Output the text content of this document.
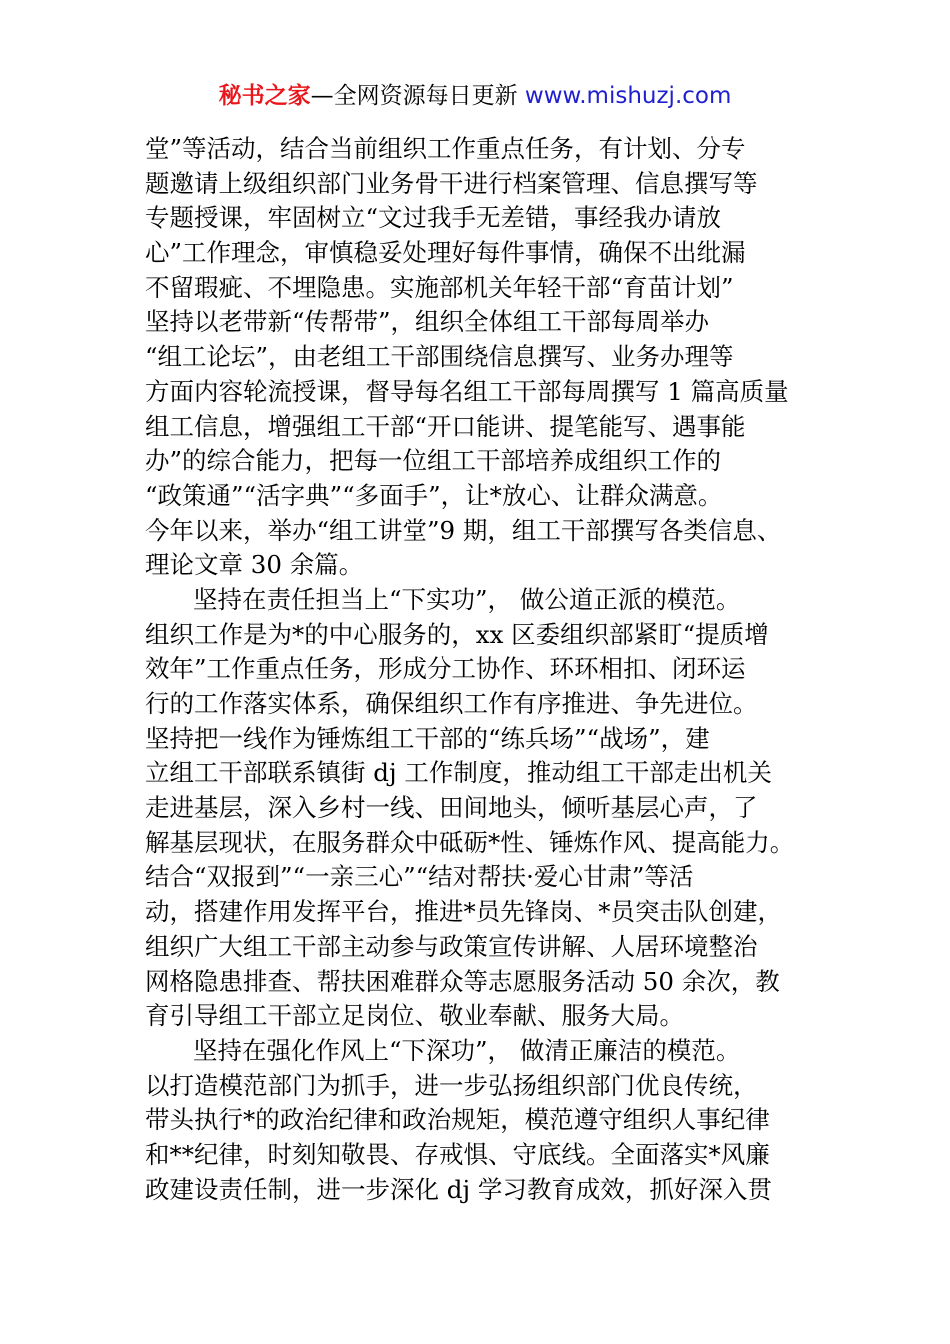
秘书之家—全网资源每日更新 www.mishuzj.com
堂”等活动，结合当前组织工作重点任务，有计划、分专
题邀请上级组织部门业务骨干进行档案管理、信息撰写等
专题授课，牢固树立“文过我手无差错，事经我办请放
心”工作理念，审慎稳妥处理好每件事情，确保不出纰漏
不留瑕疵、不埋隐患。实施部机关年轻干部“育苗计划”
坚持以老带新“传帮带”，组织全体组工干部每周举办
“组工论坛”，由老组工干部围绕信息撰写、业务办理等
方面内容轮流授课，督导每名组工干部每周撰写 1 篇高质量
组工信息，增强组工干部“开口能讲、提笔能写、遇事能
办”的综合能力，把每一位组工干部培养成组织工作的
“政策通”“活字典”“多面手”，让*放心、让群众满意。
今年以来，举办“组工讲堂”9 期，组工干部撰写各类信息、
理论文章 30 余篇。
坚持在责任担当上“下实功”， 做公道正派的模范。
组织工作是为*的中心服务的，xx 区委组织部紧盯“提质增
效年”工作重点任务，形成分工协作、环环相扣、闭环运
行的工作落实体系，确保组织工作有序推进、争先进位。
坚持把一线作为锤炼组工干部的“练兵场”“战场”，建
立组工干部联系镇街 dj 工作制度，推动组工干部走出机关
走进基层，深入乡村一线、田间地头，倾听基层心声，了
解基层现状，在服务群众中砥砺*性、锤炼作风、提高能力。
结合“双报到”“一亲三心”“结对帮扶·爱心甘肃”等活
动，搭建作用发挥平台，推进*员先锋岗、*员突击队创建，
组织广大组工干部主动参与政策宣传讲解、人居环境整治
网格隐患排查、帮扶困难群众等志愿服务活动 50 余次，教
育引导组工干部立足岗位、敬业奉献、服务大局。
坚持在强化作风上“下深功”， 做清正廉洁的模范。
以打造模范部门为抓手，进一步弘扬组织部门优良传统，
带头执行*的政治纪律和政治规矩，模范遵守组织人事纪律
和**纪律，时刻知敬畏、存戒惧、守底线。全面落实*风廉
政建设责任制，进一步深化 dj 学习教育成效，抓好深入贯
